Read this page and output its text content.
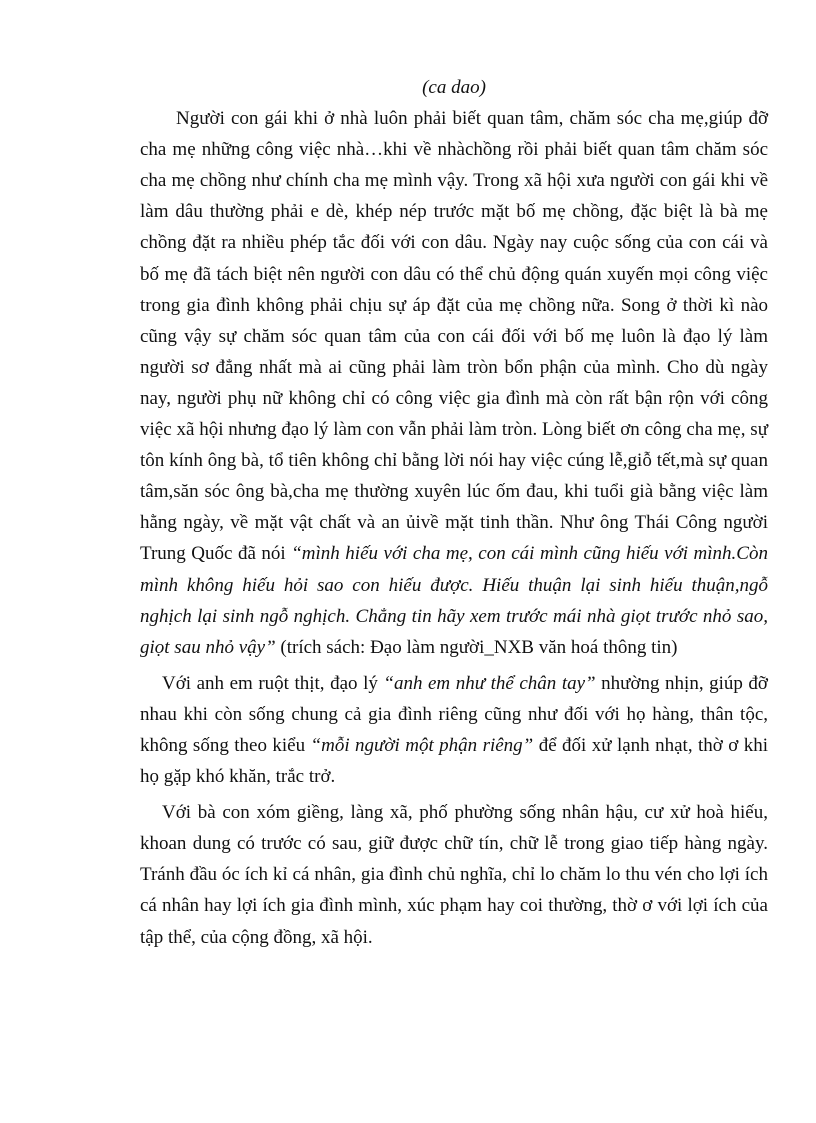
(ca dao)

Người con gái khi ở nhà luôn phải biết quan tâm, chăm sóc cha mẹ,giúp đỡ cha mẹ những công việc nhà…khi về nhàchồng rồi phải biết quan tâm chăm sóc cha mẹ chồng như chính cha mẹ mình vậy. Trong xã hội xưa người con gái khi về làm dâu thường phải e dè, khép nép trước mặt bố mẹ chồng, đặc biệt là bà mẹ chồng đặt ra nhiều phép tắc đối với con dâu. Ngày nay cuộc sống của con cái và bố mẹ đã tách biệt nên người con dâu có thể chủ động quán xuyến mọi công việc trong gia đình không phải chịu sự áp đặt của mẹ chồng nữa. Song ở thời kì nào cũng vậy sự chăm sóc quan tâm của con cái đối với bố mẹ luôn là đạo lý làm người sơ đẳng nhất mà ai cũng phải làm tròn bổn phận của mình. Cho dù ngày nay, người phụ nữ không chỉ có công việc gia đình mà còn rất bận rộn với công việc xã hội nhưng đạo lý làm con vẫn phải làm tròn. Lòng biết ơn công cha mẹ, sự tôn kính ông bà, tổ tiên không chỉ bằng lời nói hay việc cúng lễ,giỗ tết,mà sự quan tâm,săn sóc ông bà,cha mẹ thường xuyên lúc ốm đau, khi tuổi già bằng việc làm hằng ngày, về mặt vật chất và an ủivề mặt tinh thần. Như ông Thái Công người Trung Quốc đã nói “mình hiếu với cha mẹ, con cái mình cũng hiếu với mình.Còn mình không hiếu hỏi sao con hiếu được. Hiếu thuận lại sinh hiếu thuận,ngỗ nghịch lại sinh ngỗ nghịch. Chẳng tin hãy xem trước mái nhà giọt trước nhỏ sao, giọt sau nhỏ vậy” (trích sách: Đạo làm người_NXB văn hoá thông tin)

Với anh em ruột thịt, đạo lý “anh em như thể chân tay” nhường nhịn, giúp đỡ nhau khi còn sống chung cả gia đình riêng cũng như đối với họ hàng, thân tộc, không sống theo kiểu “mỗi người một phận riêng” để đối xử lạnh nhạt, thờ ơ khi họ gặp khó khăn, trắc trở.

Với bà con xóm giềng, làng xã, phố phường sống nhân hậu, cư xử hoà hiếu, khoan dung có trước có sau, giữ được chữ tín, chữ lễ trong giao tiếp hàng ngày. Tránh đầu óc ích kỉ cá nhân, gia đình chủ nghĩa, chỉ lo chăm lo thu vén cho lợi ích cá nhân hay lợi ích gia đình mình, xúc phạm hay coi thường, thờ ơ với lợi ích của tập thể, của cộng đồng, xã hội.
